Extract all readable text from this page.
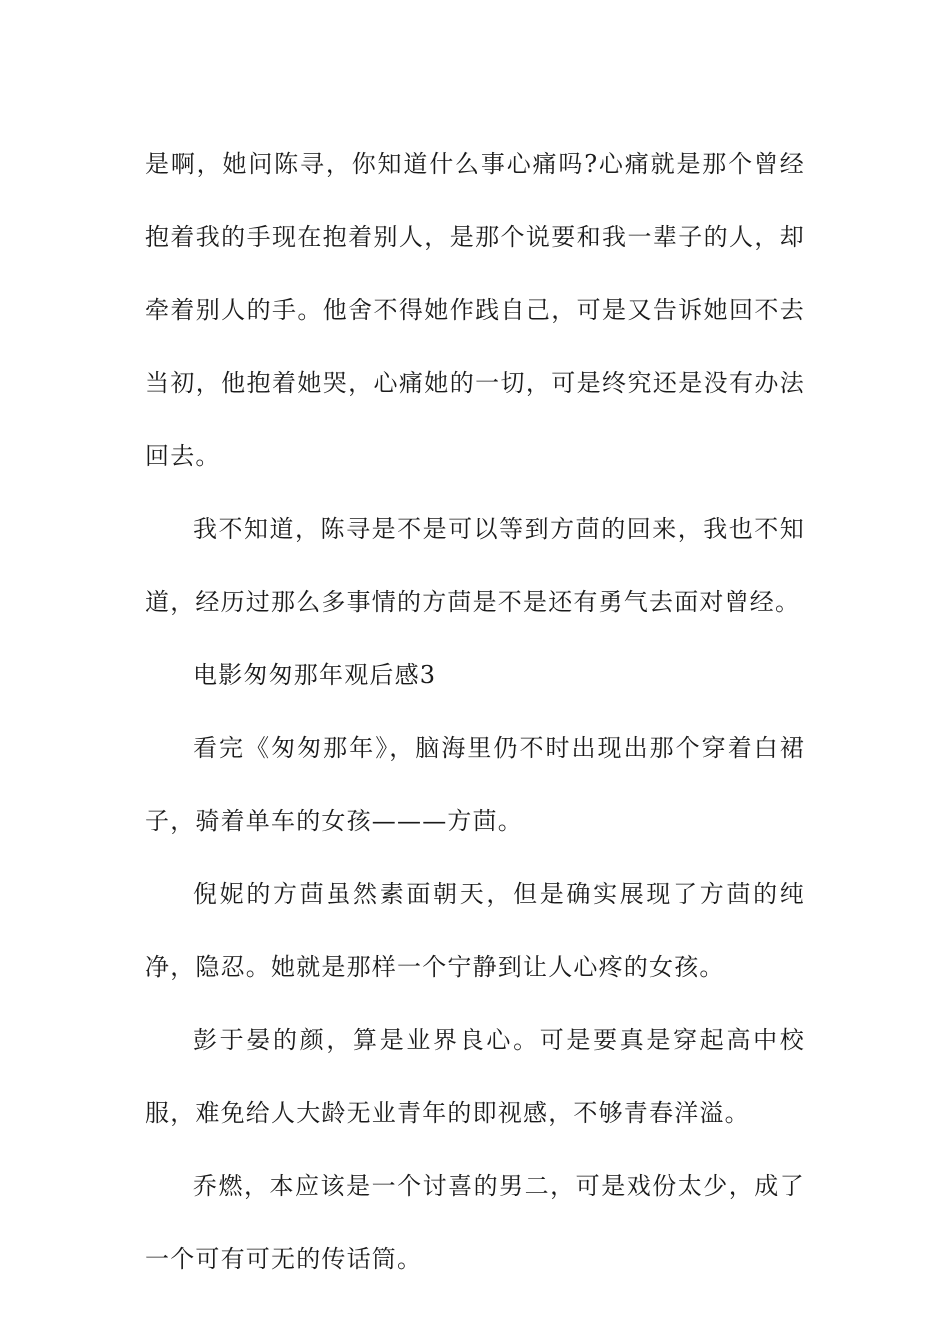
是啊，她问陈寻，你知道什么事心痛吗?心痛就是那个曾经抱着我的手现在抱着别人，是那个说要和我一辈子的人，却牵着别人的手。他舍不得她作践自己，可是又告诉她回不去当初，他抱着她哭，心痛她的一切，可是终究还是没有办法回去。

我不知道，陈寻是不是可以等到方茴的回来，我也不知道，经历过那么多事情的方茴是不是还有勇气去面对曾经。

电影匆匆那年观后感3

看完《匆匆那年》，脑海里仍不时出现出那个穿着白裙子，骑着单车的女孩———方茴。

倪妮的方茴虽然素面朝天，但是确实展现了方茴的纯净，隐忍。她就是那样一个宁静到让人心疼的女孩。

彭于晏的颜，算是业界良心。可是要真是穿起高中校服，难免给人大龄无业青年的即视感，不够青春洋溢。

乔燃，本应该是一个讨喜的男二，可是戏份太少，成了一个可有可无的传话筒。
